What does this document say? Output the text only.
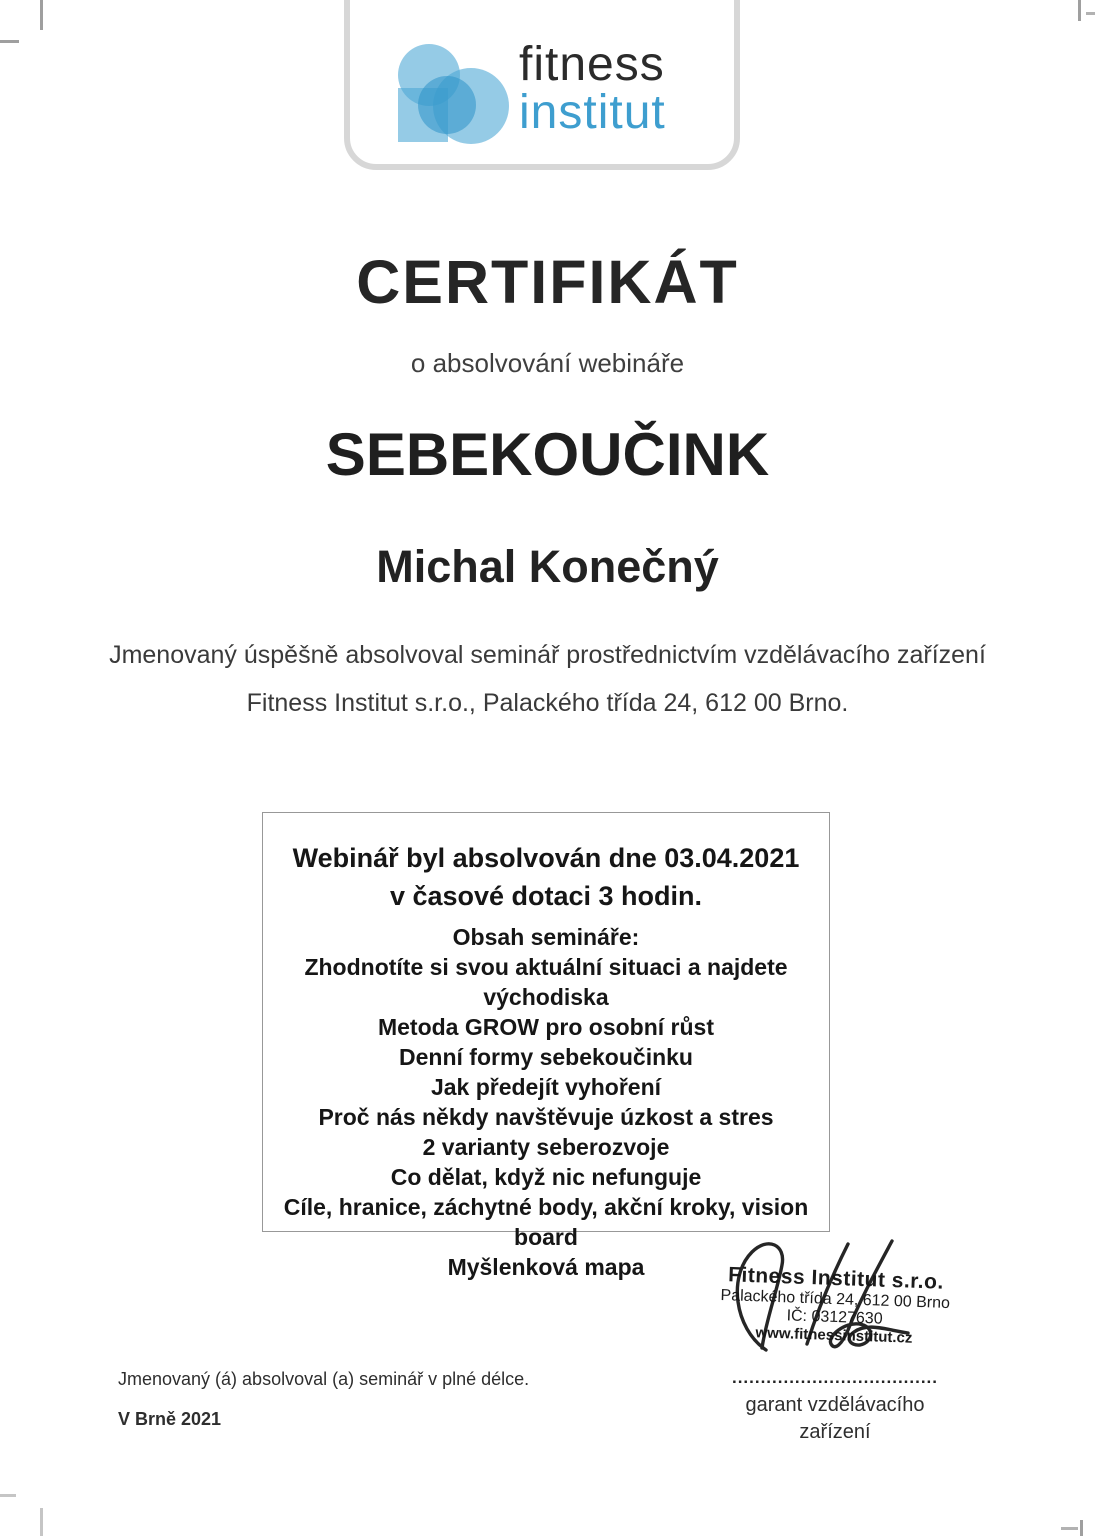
fitness
institut
CERTIFIKÁT
o absolvování webináře
SEBEKOUČINK
Michal Konečný
Jmenovaný úspěšně absolvoval seminář prostřednictvím vzdělávacího zařízení
Fitness Institut s.r.o., Palackého třída 24, 612 00 Brno.
Webinář byl absolvován dne 03.04.2021
v časové dotaci 3 hodin.
Obsah semináře:
Zhodnotíte si svou aktuální situaci a najdete východiska
Metoda GROW pro osobní růst
Denní formy sebekoučinku
Jak předejít vyhoření
Proč nás někdy navštěvuje úzkost a stres
2 varianty seberozvoje
Co dělat, když nic nefunguje
Cíle, hranice, záchytné body, akční kroky, vision board
Myšlenková mapa	Fitness Institut s.r.o.
Palackého třída 24, 612 00 Brno
IČ: 03127630
www.fitnessinstitut.cz
....................................
garant vzdělávacího
zařízení
Jmenovaný (á) absolvoval (a) seminář v plné délce.
V Brně 2021
